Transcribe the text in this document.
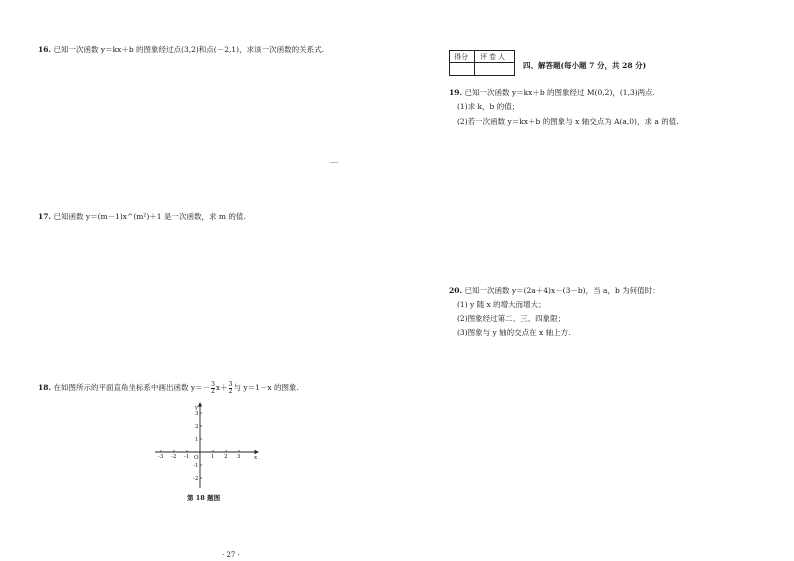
16. 已知一次函数 y＝kx＋b 的图象经过点(3,2)和点(－2,1)，求该一次函数的关系式.
17. 已知函数 y＝(m－1)x^(m²)＋1 是一次函数，求 m 的值.
18. 在如图所示的平面直角坐标系中画出函数 $y=- \frac{3}{2} x+ \frac{3}{2}$ 与 y＝1－x 的图象.
x
y
O
-3 -2 -1	1 2 3
3
2
1
-1
-2
第 18 题图
· 27 ·
得分 评卷人
四、解答题(每小题 7 分，共 28 分)
19. 已知一次函数 y＝kx＋b 的图象经过 M(0,2)，(1,3)两点.
(1)求 k，b 的值；
(2)若一次函数 y＝kx＋b 的图象与 x 轴交点为 A(a,0)，求 a 的值.
20. 已知一次函数 y＝(2a＋4)x－(3－b)，当 a，b 为何值时：
(1) y 随 x 的增大而增大；
(2)图象经过第二、三、四象限；
(3)图象与 y 轴的交点在 x 轴上方.
